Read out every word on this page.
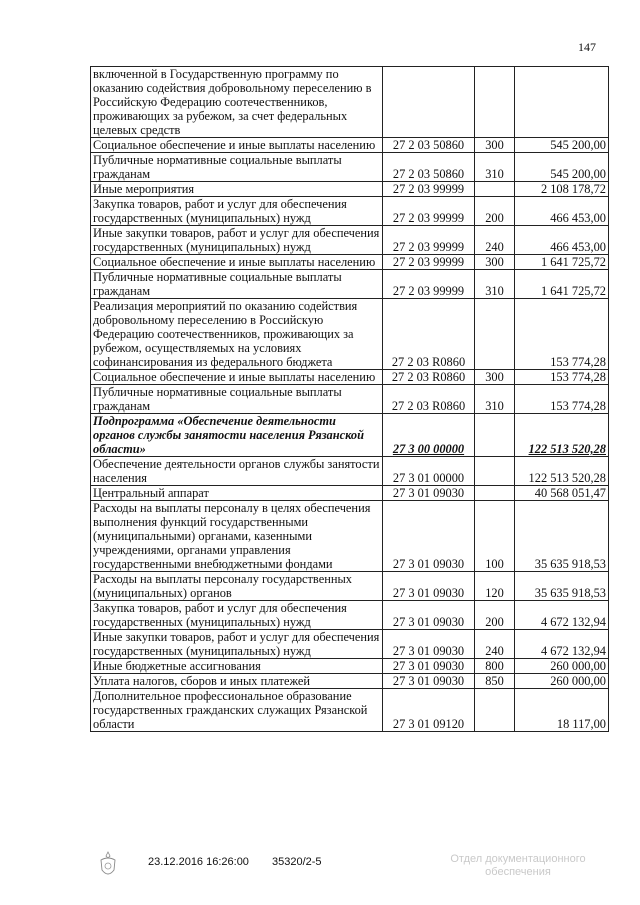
147
включенной в Государственную программу по оказанию содействия добровольному переселению в Российскую Федерацию соотечественников, проживающих за рубежом, за счет федеральных целевых средств			
Социальное обеспечение и иные выплаты населению	27 2 03 50860	300	545 200,00
Публичные нормативные социальные выплаты гражданам	27 2 03 50860	310	545 200,00
Иные мероприятия	27 2 03 99999		2 108 178,72
Закупка товаров, работ и услуг для обеспечения государственных (муниципальных) нужд	27 2 03 99999	200	466 453,00
Иные закупки товаров, работ и услуг для обеспечения государственных (муниципальных) нужд	27 2 03 99999	240	466 453,00
Социальное обеспечение и иные выплаты населению	27 2 03 99999	300	1 641 725,72
Публичные нормативные социальные выплаты гражданам	27 2 03 99999	310	1 641 725,72
Реализация мероприятий по оказанию содействия добровольному переселению в Российскую Федерацию соотечественников, проживающих за рубежом, осуществляемых на условиях софинансирования из федерального бюджета	27 2 03 R0860		153 774,28
Социальное обеспечение и иные выплаты населению	27 2 03 R0860	300	153 774,28
Публичные нормативные социальные выплаты гражданам	27 2 03 R0860	310	153 774,28
Подпрограмма «Обеспечение деятельности органов службы занятости населения Рязанской области»	27 3 00 00000		122 513 520,28
Обеспечение деятельности органов службы занятости населения	27 3 01 00000		122 513 520,28
Центральный аппарат	27 3 01 09030		40 568 051,47
Расходы на выплаты персоналу в целях обеспечения выполнения функций государственными (муниципальными) органами, казенными учреждениями, органами управления государственными внебюджетными фондами	27 3 01 09030	100	35 635 918,53
Расходы на выплаты персоналу государственных (муниципальных) органов	27 3 01 09030	120	35 635 918,53
Закупка товаров, работ и услуг для обеспечения государственных (муниципальных) нужд	27 3 01 09030	200	4 672 132,94
Иные закупки товаров, работ и услуг для обеспечения государственных (муниципальных) нужд	27 3 01 09030	240	4 672 132,94
Иные бюджетные ассигнования	27 3 01 09030	800	260 000,00
Уплата налогов, сборов и иных платежей	27 3 01 09030	850	260 000,00
Дополнительное профессиональное образование государственных гражданских служащих Рязанской области	27 3 01 09120		18 117,00
23.12.2016 16:26:00 35320/2-5	Отдел документационного
обеспечения
